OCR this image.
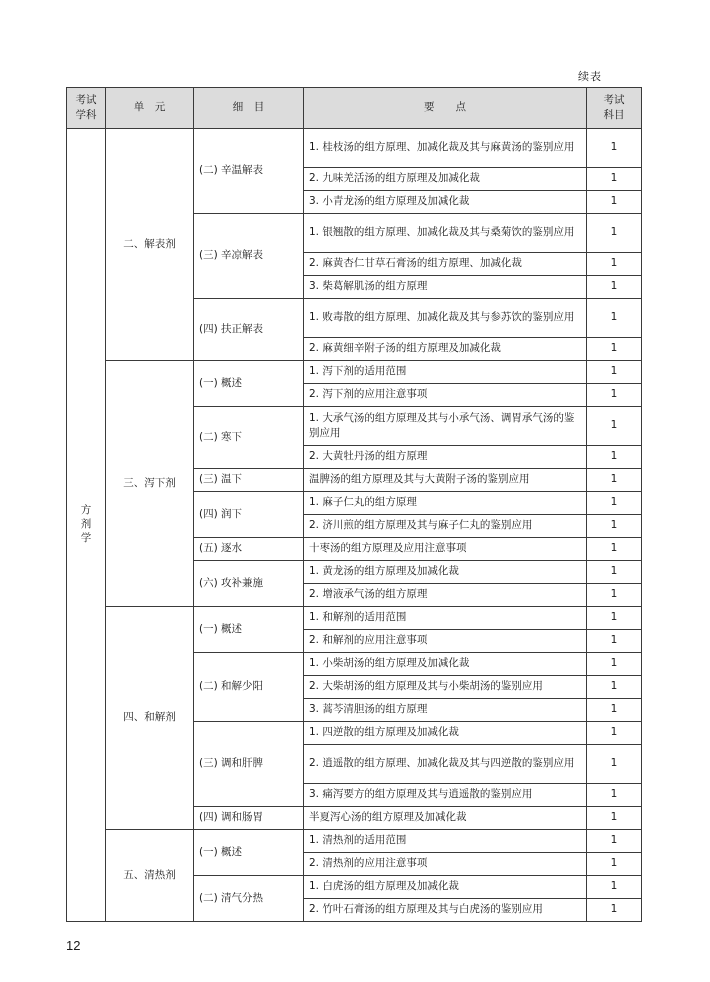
续表
考试学科	单　元	细　目	要　　点	考试科目
方剂学	二、解表剂	(二) 辛温解表	1. 桂枝汤的组方原理、加减化裁及其与麻黄汤的鉴别应用	1
			2. 九味羌活汤的组方原理及加减化裁	1
			3. 小青龙汤的组方原理及加减化裁	1
		(三) 辛凉解表	1. 银翘散的组方原理、加减化裁及其与桑菊饮的鉴别应用	1
			2. 麻黄杏仁甘草石膏汤的组方原理、加减化裁	1
			3. 柴葛解肌汤的组方原理	1
		(四) 扶正解表	1. 败毒散的组方原理、加减化裁及其与参苏饮的鉴别应用	1
			2. 麻黄细辛附子汤的组方原理及加减化裁	1
	三、泻下剂	(一) 概述	1. 泻下剂的适用范围	1
			2. 泻下剂的应用注意事项	1
		(二) 寒下	1. 大承气汤的组方原理及其与小承气汤、调胃承气汤的鉴别应用	1
			2. 大黄牡丹汤的组方原理	1
		(三) 温下	温脾汤的组方原理及其与大黄附子汤的鉴别应用	1
		(四) 润下	1. 麻子仁丸的组方原理	1
			2. 济川煎的组方原理及其与麻子仁丸的鉴别应用	1
		(五) 逐水	十枣汤的组方原理及应用注意事项	1
		(六) 攻补兼施	1. 黄龙汤的组方原理及加减化裁	1
			2. 增液承气汤的组方原理	1
	四、和解剂	(一) 概述	1. 和解剂的适用范围	1
			2. 和解剂的应用注意事项	1
		(二) 和解少阳	1. 小柴胡汤的组方原理及加减化裁	1
			2. 大柴胡汤的组方原理及其与小柴胡汤的鉴别应用	1
			3. 蒿芩清胆汤的组方原理	1
		(三) 调和肝脾	1. 四逆散的组方原理及加减化裁	1
			2. 逍遥散的组方原理、加减化裁及其与四逆散的鉴别应用	1
			3. 痛泻要方的组方原理及其与逍遥散的鉴别应用	1
		(四) 调和肠胃	半夏泻心汤的组方原理及加减化裁	1
	五、清热剂	(一) 概述	1. 清热剂的适用范围	1
			2. 清热剂的应用注意事项	1
		(二) 清气分热	1. 白虎汤的组方原理及加减化裁	1
			2. 竹叶石膏汤的组方原理及其与白虎汤的鉴别应用	1
12
